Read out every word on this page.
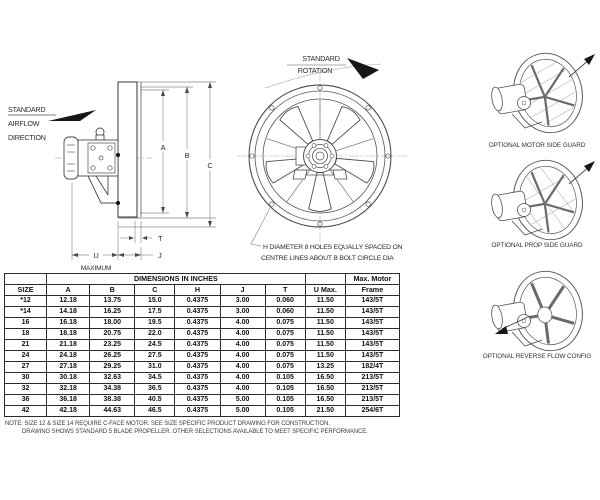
STANDARD
AIRFLOW
DIRECTION
A
B
C
T
J
U
MAXIMUM
STANDARD
ROTATION
H DIAMETER 8 HOLES EQUALLY SPACED ON
CENTRE LINES ABOUT B BOLT CIRCLE DIA
OPTIONAL MOTOR SIDE GUARD
OPTIONAL PROP SIDE GUARD
OPTIONAL REVERSE FLOW CONFIG
	DIMENSIONS IN INCHES							Max. Motor
SIZE	A	B	C	H	J	T	U Max.	Frame
*12	12.18	13.75	15.0	0.4375	3.00	0.060	11.50	143/5T
*14	14.18	16.25	17.5	0.4375	3.00	0.060	11.50	143/5T
16	16.18	18.00	19.5	0.4375	4.00	0.075	11.50	143/5T
18	18.18	20.75	22.0	0.4375	4.00	0.075	11.50	143/5T
21	21.18	23.25	24.5	0.4375	4.00	0.075	11.50	143/5T
24	24.18	26.25	27.5	0.4375	4.00	0.075	11.50	143/5T
27	27.18	29.25	31.0	0.4375	4.00	0.075	13.25	182/4T
30	30.18	32.63	34.5	0.4375	4.00	0.105	16.50	213/5T
32	32.18	34.38	36.5	0.4375	4.00	0.105	16.50	213/5T
36	36.18	38.38	40.5	0.4375	5.00	0.105	16.50	213/5T
42	42.18	44.63	46.5	0.4375	5.00	0.105	21.50	254/6T
NOTE: SIZE 12 & SIZE 14 REQUIRE C-FACE MOTOR. SEE SIZE SPECIFIC PRODUCT DRAWING FOR CONSTRUCTION.
DRAWING SHOWS STANDARD 5 BLADE PROPELLER. OTHER SELECTIONS AVAILABLE TO MEET SPECIFIC PERFORMANCE.
